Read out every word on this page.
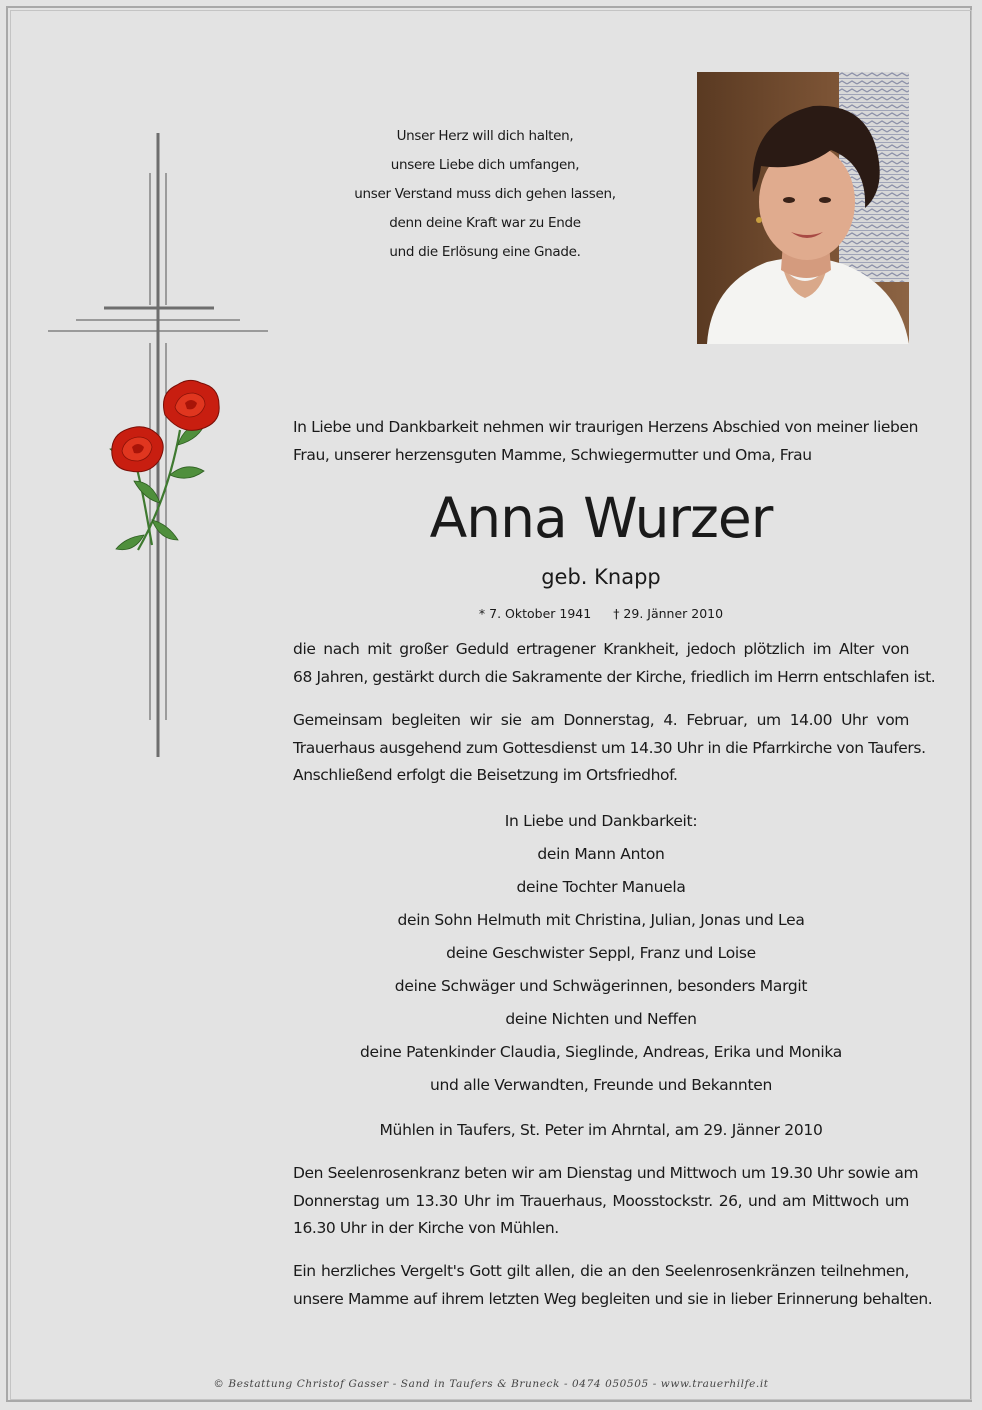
Unser Herz will dich halten,
unsere Liebe dich umfangen,
unser Verstand muss dich gehen lassen,
denn deine Kraft war zu Ende
und die Erlösung eine Gnade.
In Liebe und Dankbarkeit nehmen wir traurigen Herzens Abschied von meiner lieben
Frau, unserer herzensguten Mamme, Schwiegermutter und Oma, Frau
Anna Wurzer
geb. Knapp
* 7. Oktober 1941 † 29. Jänner 2010
die nach mit großer Geduld ertragener Krankheit, jedoch plötzlich im Alter von
68 Jahren, gestärkt durch die Sakramente der Kirche, friedlich im Herrn entschlafen ist.
Gemeinsam begleiten wir sie am Donnerstag, 4. Februar, um 14.00 Uhr vom
Trauerhaus ausgehend zum Gottesdienst um 14.30 Uhr in die Pfarrkirche von Taufers.
Anschließend erfolgt die Beisetzung im Ortsfriedhof.
In Liebe und Dankbarkeit:
dein Mann Anton
deine Tochter Manuela
dein Sohn Helmuth mit Christina, Julian, Jonas und Lea
deine Geschwister Seppl, Franz und Loise
deine Schwäger und Schwägerinnen, besonders Margit
deine Nichten und Neffen
deine Patenkinder Claudia, Sieglinde, Andreas, Erika und Monika
und alle Verwandten, Freunde und Bekannten
Mühlen in Taufers, St. Peter im Ahrntal, am 29. Jänner 2010
Den Seelenrosenkranz beten wir am Dienstag und Mittwoch um 19.30 Uhr sowie am
Donnerstag um 13.30 Uhr im Trauerhaus, Moosstockstr. 26, und am Mittwoch um
16.30 Uhr in der Kirche von Mühlen.
Ein herzliches Vergelt's Gott gilt allen, die an den Seelenrosenkränzen teilnehmen,
unsere Mamme auf ihrem letzten Weg begleiten und sie in lieber Erinnerung behalten.
© Bestattung Christof Gasser - Sand in Taufers & Bruneck - 0474 050505 - www.trauerhilfe.it
